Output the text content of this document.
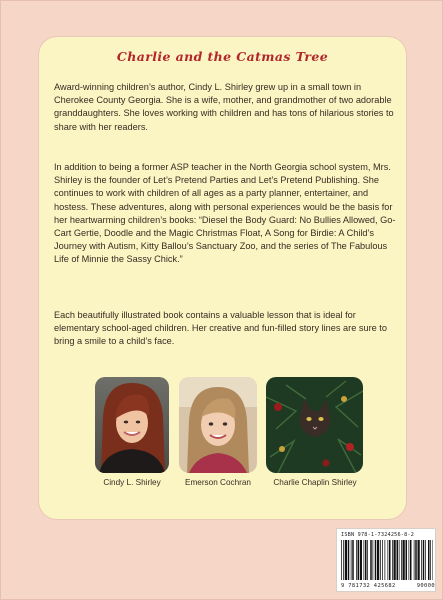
Charlie and the Catmas Tree

Award-winning children’s author, Cindy L. Shirley grew up in a small town in Cherokee County Georgia. She is a wife, mother, and grandmother of two adorable granddaughters. She loves working with children and has tons of hilarious stories to share with her readers.

In addition to being a former ASP teacher in the North Georgia school system, Mrs. Shirley is the founder of Let’s Pretend Parties and Let’s Pretend Publishing. She continues to work with children of all ages as a party planner, entertainer, and hostess. These adventures, along with personal experiences would be the basis for her heartwarming children’s books: “Diesel the Body Guard: No Bullies Allowed, Go-Cart Gertie, Doodle and the Magic Christmas Float, A Song for Birdie: A Child’s Journey with Autism, Kitty Ballou’s Sanctuary Zoo, and the series of The Fabulous Life of Minnie the Sassy Chick.”

Each beautifully illustrated book contains a valuable lesson that is ideal for elementary school-aged children. Her creative and fun-filled story lines are sure to bring a smile to a child’s face.

Cindy L. Shirley	Emerson Cochran	Charlie Chaplin Shirley
ISBN 978-1-7324256-8-2
9 781732 425682	90000
